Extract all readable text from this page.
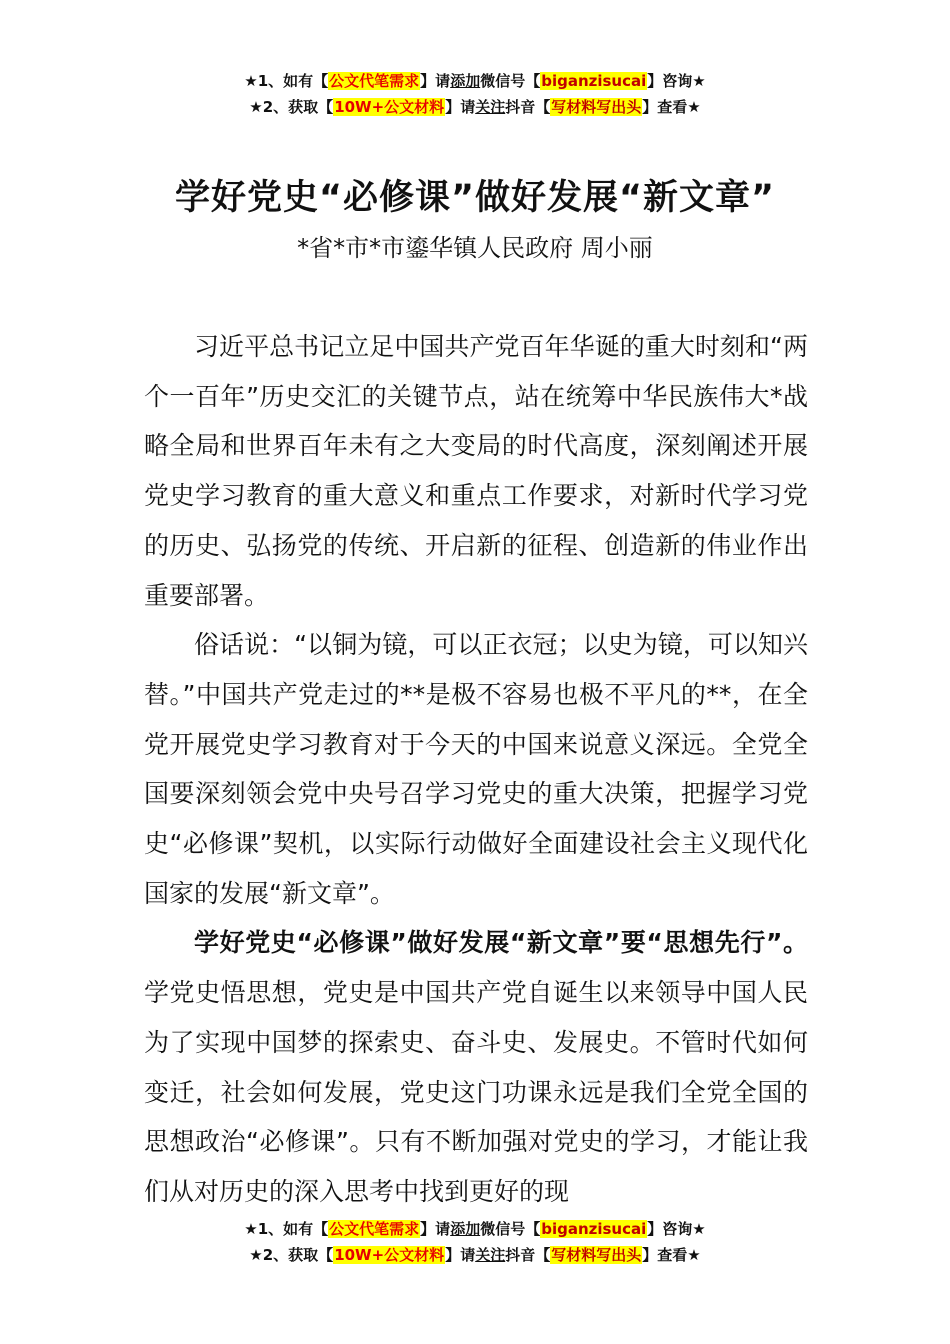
★1、如有【公文代笔需求】请添加微信号【biganzisucai】咨询★
★2、获取【10W+公文材料】请关注抖音【写材料写出头】查看★
学好党史“必修课”做好发展“新文章”

*省*市*市鎏华镇人民政府 周小丽

习近平总书记立足中国共产党百年华诞的重大时刻和“两个一百年”历史交汇的关键节点，站在统筹中华民族伟大*战略全局和世界百年未有之大变局的时代高度，深刻阐述开展党史学习教育的重大意义和重点工作要求，对新时代学习党的历史、弘扬党的传统、开启新的征程、创造新的伟业作出重要部署。

俗话说：“以铜为镜，可以正衣冠；以史为镜，可以知兴替。”中国共产党走过的**是极不容易也极不平凡的**，在全党开展党史学习教育对于今天的中国来说意义深远。全党全国要深刻领会党中央号召学习党史的重大决策，把握学习党史“必修课”契机，以实际行动做好全面建设社会主义现代化国家的发展“新文章”。

学好党史“必修课”做好发展“新文章”要“思想先行”。学党史悟思想，党史是中国共产党自诞生以来领导中国人民为了实现中国梦的探索史、奋斗史、发展史。不管时代如何变迁，社会如何发展，党史这门功课永远是我们全党全国的思想政治“必修课”。只有不断加强对党史的学习，才能让我们从对历史的深入思考中找到更好的现

★1、如有【公文代笔需求】请添加微信号【biganzisucai】咨询★
★2、获取【10W+公文材料】请关注抖音【写材料写出头】查看★
